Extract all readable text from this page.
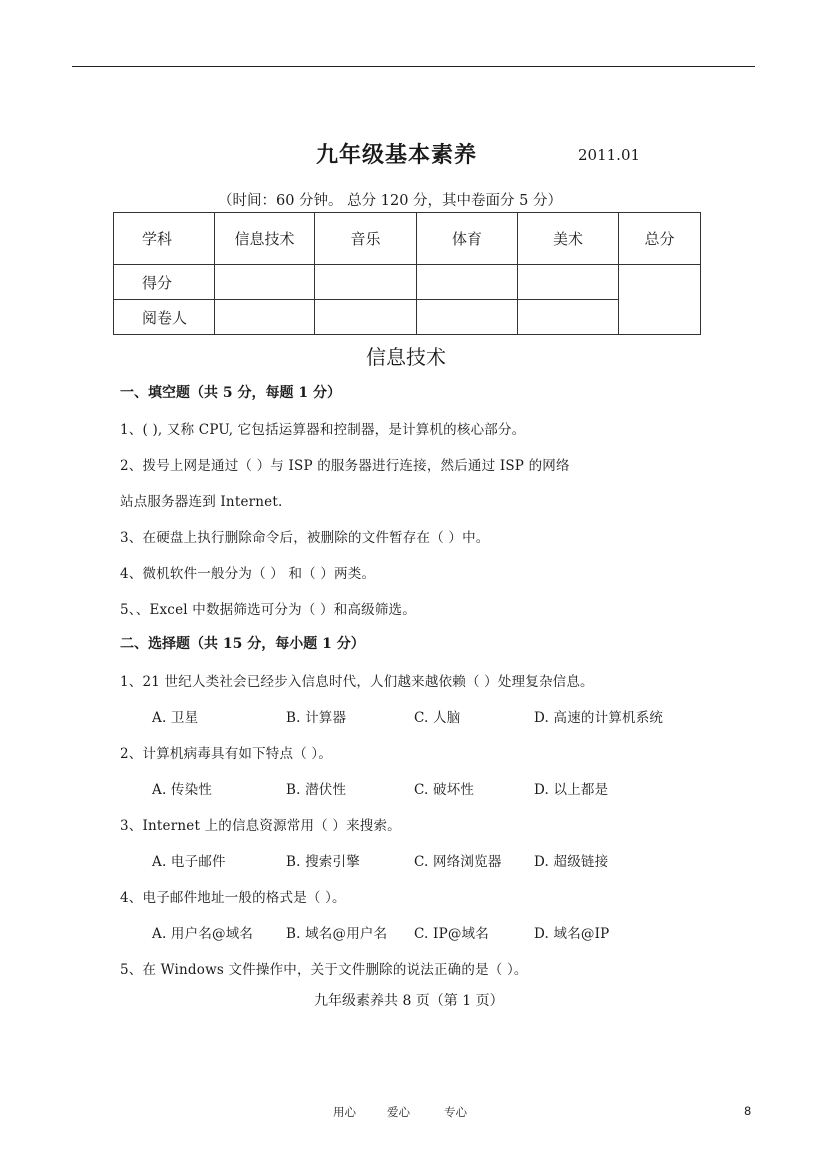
九年级基本素养	2011.01
（时间：60 分钟。 总分 120 分，其中卷面分 5 分）
学科	信息技术	音乐	体育	美术	总分
得分					
阅卷人					
信息技术
一、填空题（共 5 分，每题 1 分）
1、( ), 又称 CPU, 它包括运算器和控制器，是计算机的核心部分。
2、拨号上网是通过（ ）与 ISP 的服务器进行连接，然后通过 ISP 的网络
站点服务器连到 Internet.
3、在硬盘上执行删除命令后，被删除的文件暂存在（ ）中。
4、微机软件一般分为（ ） 和（ ）两类。
5、、Excel 中数据筛选可分为（ ）和高级筛选。
二、选择题（共 15 分，每小题 1 分）
1、21 世纪人类社会已经步入信息时代，人们越来越依赖（ ）处理复杂信息。
A. 卫星	B. 计算器	C. 人脑	D. 高速的计算机系统
2、计算机病毒具有如下特点（ ）。
A. 传染性	B. 潜伏性	C. 破坏性	D. 以上都是
3、Internet 上的信息资源常用（ ）来搜索。
A. 电子邮件	B. 搜索引擎	C. 网络浏览器 D. 超级链接
4、电子邮件地址一般的格式是（ ）。
A. 用户名@域名 B. 域名@用户名 C. IP@域名	D. 域名@IP
5、在 Windows 文件操作中，关于文件删除的说法正确的是（ ）。
九年级素养共 8 页（第 1 页）
用心	爱心	专心	8
